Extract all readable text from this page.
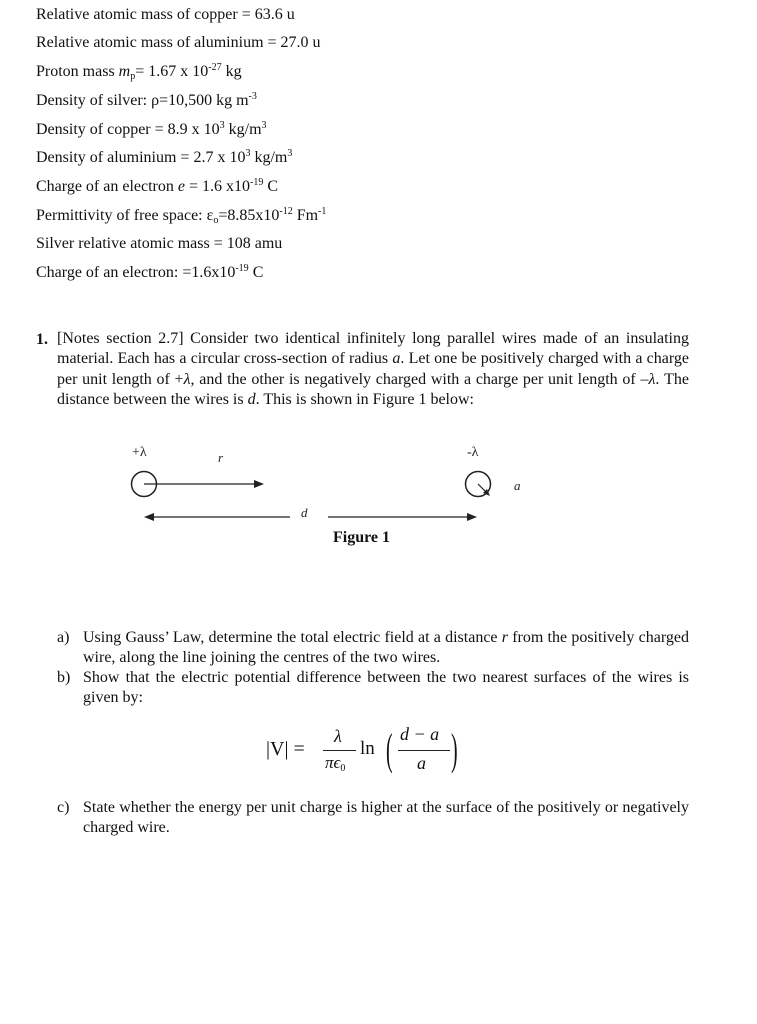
Relative atomic mass of copper = 63.6 u
Relative atomic mass of aluminium = 27.0 u
Proton mass $m_p= 1.67$ x $10^{-27}$ kg
Density of silver: ρ=10,500 kg $m^{-3}$
Density of copper = 8.9 x $10^3$ $kg/m^3$
Density of aluminium = 2.7 x $10^3$ $kg/m^3$
Charge of an electron e = 1.6 $x10^{-19}$ C
Permittivity of free space: $\varepsilon_o=8.85x10^{-12}$ $Fm^{-1}$
Silver relative atomic mass = 108 amu
Charge of an electron: $=1.6x10^{-19}$ C
1. [Notes section 2.7] Consider two identical infinitely long parallel wires made of an insulating material. Each has a circular cross-section of radius a. Let one be positively charged with a charge per unit length of +λ, and the other is negatively charged with a charge per unit length of –λ. The distance between the wires is d. This is shown in Figure 1 below:
+λ	r	-λ
a
d
Figure 1
a) Using Gauss’ Law, determine the total electric field at a distance r from the positively charged wire, along the line joining the centres of the two wires.
b) Show that the electric potential difference between the two nearest surfaces of the wires is given by:
|V| =
λ
$\pi\epsilon_0$
ln ( d − a
a )
c) State whether the energy per unit charge is higher at the surface of the positively or negatively charged wire.
